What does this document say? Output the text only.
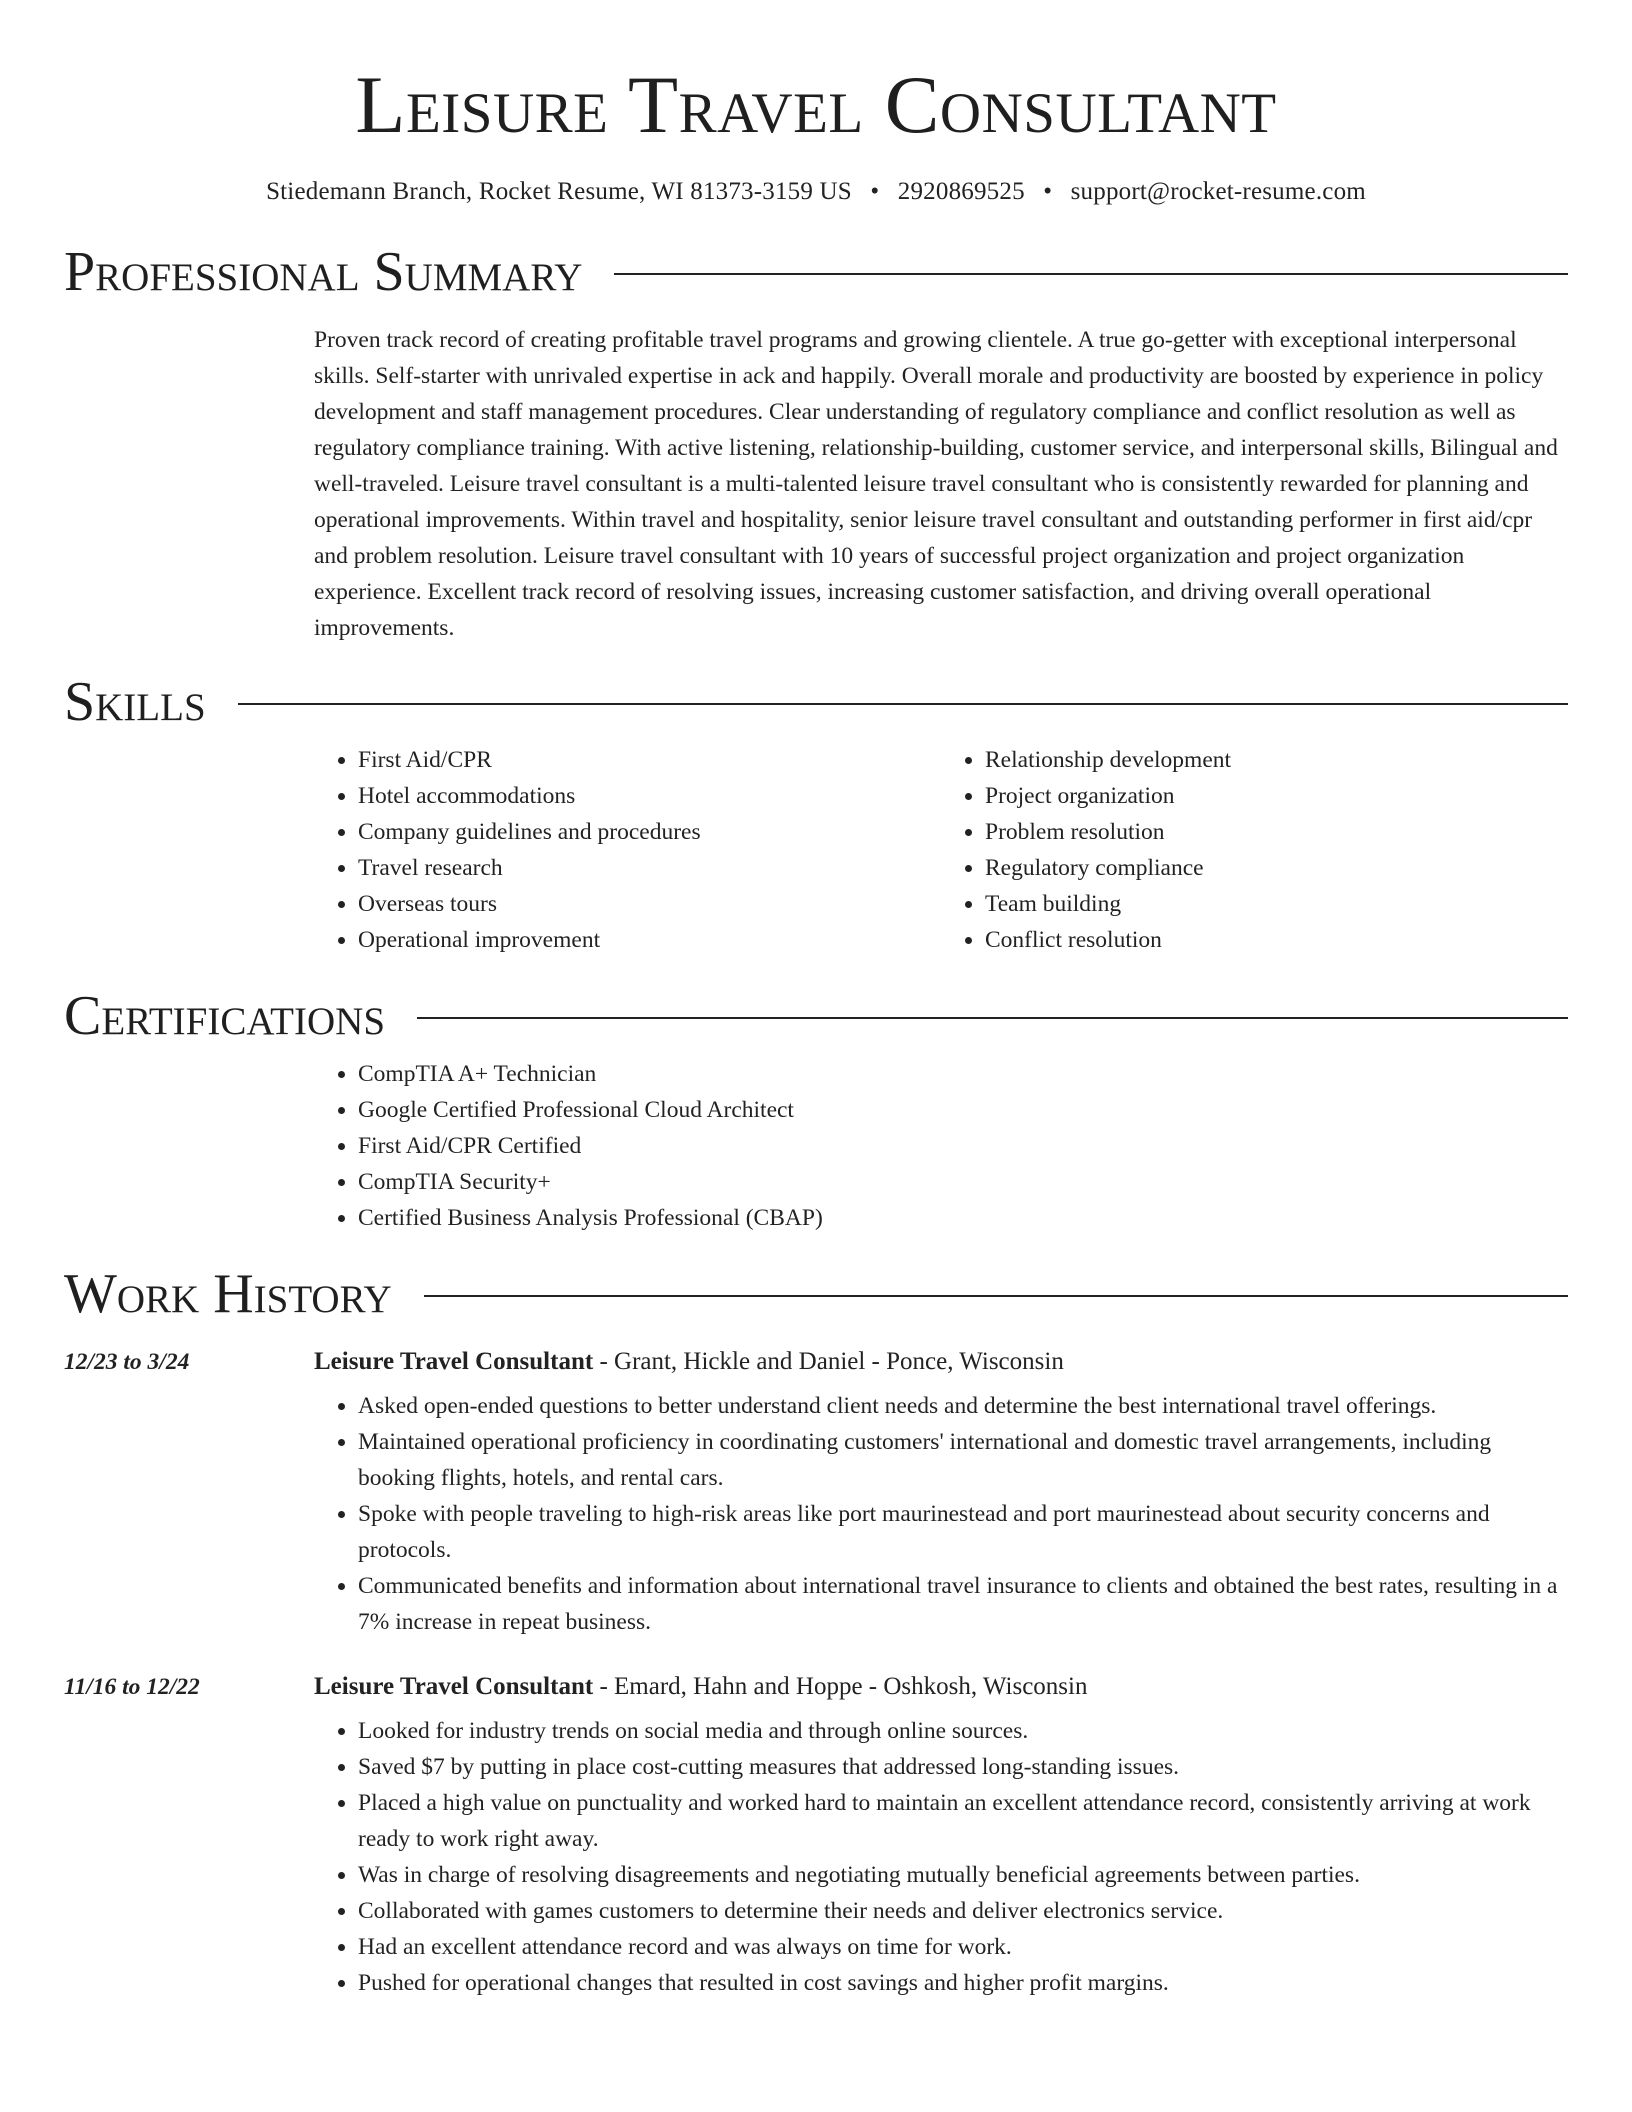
Leisure Travel Consultant
Stiedemann Branch, Rocket Resume, WI 81373-3159 US • 2920869525 • support@rocket-resume.com
Professional Summary
Proven track record of creating profitable travel programs and growing clientele. A true go-getter with exceptional interpersonal skills. Self-starter with unrivaled expertise in ack and happily. Overall morale and productivity are boosted by experience in policy development and staff management procedures. Clear understanding of regulatory compliance and conflict resolution as well as regulatory compliance training. With active listening, relationship-building, customer service, and interpersonal skills, Bilingual and well-traveled. Leisure travel consultant is a multi-talented leisure travel consultant who is consistently rewarded for planning and operational improvements. Within travel and hospitality, senior leisure travel consultant and outstanding performer in first aid/cpr and problem resolution. Leisure travel consultant with 10 years of successful project organization and project organization experience. Excellent track record of resolving issues, increasing customer satisfaction, and driving overall operational improvements.
Skills
• First Aid/CPR
• Hotel accommodations
• Company guidelines and procedures
• Travel research
• Overseas tours
• Operational improvement
• Relationship development
• Project organization
• Problem resolution
• Regulatory compliance
• Team building
• Conflict resolution
Certifications
• CompTIA A+ Technician
• Google Certified Professional Cloud Architect
• First Aid/CPR Certified
• CompTIA Security+
• Certified Business Analysis Professional (CBAP)
Work History
12/23 to 3/24	Leisure Travel Consultant - Grant, Hickle and Daniel - Ponce, Wisconsin
• Asked open-ended questions to better understand client needs and determine the best international travel offerings.
• Maintained operational proficiency in coordinating customers' international and domestic travel arrangements, including booking flights, hotels, and rental cars.
• Spoke with people traveling to high-risk areas like port maurinestead and port maurinestead about security concerns and protocols.
• Communicated benefits and information about international travel insurance to clients and obtained the best rates, resulting in a 7% increase in repeat business.
11/16 to 12/22	Leisure Travel Consultant - Emard, Hahn and Hoppe - Oshkosh, Wisconsin
• Looked for industry trends on social media and through online sources.
• Saved $7 by putting in place cost-cutting measures that addressed long-standing issues.
• Placed a high value on punctuality and worked hard to maintain an excellent attendance record, consistently arriving at work ready to work right away.
• Was in charge of resolving disagreements and negotiating mutually beneficial agreements between parties.
• Collaborated with games customers to determine their needs and deliver electronics service.
• Had an excellent attendance record and was always on time for work.
• Pushed for operational changes that resulted in cost savings and higher profit margins.
